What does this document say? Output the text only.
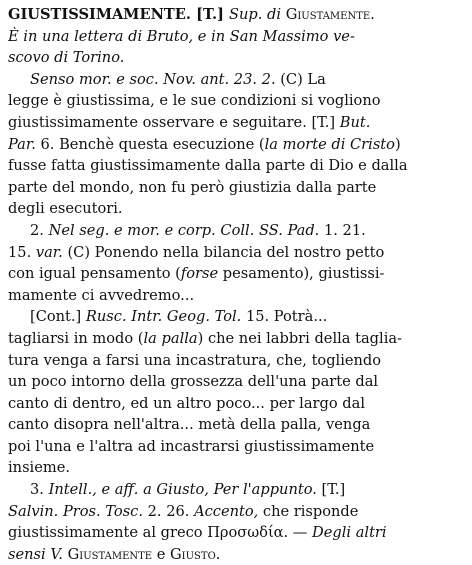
GIUSTISSIMAMENTE. [T.] Sup. di Giustamente.
È in una lettera di Bruto, e in San Massimo ve-
scovo di Torino.
Senso mor. e soc. Nov. ant. 23. 2. (C) La
legge è giustissima, e le sue condizioni si vogliono
giustissimamente osservare e seguitare. [T.] But.
Par. 6. Benchè questa esecuzione (la morte di Cristo)
fusse fatta giustissimamente dalla parte di Dio e dalla
parte del mondo, non fu però giustizia dalla parte
degli esecutori.
2. Nel seg. e mor. e corp. Coll. SS. Pad. 1. 21.
15. var. (C) Ponendo nella bilancia del nostro petto
con igual pensamento (forse pesamento), giustissi-
mamente ci avvedremo...
[Cont.] Rusc. Intr. Geog. Tol. 15. Potrà...
tagliarsi in modo (la palla) che nei labbri della taglia-
tura venga a farsi una incastratura, che, togliendo
un poco intorno della grossezza dell'una parte dal
canto di dentro, ed un altro poco... per largo dal
canto disopra nell'altra... metà della palla, venga
poi l'una e l'altra ad incastrarsi giustissimamente
insieme.
3. Intell., e aff. a Giusto, Per l'appunto. [T.]
Salvin. Pros. Tosc. 2. 26. Accento, che risponde
giustissimamente al greco Προσωδία. — Degli altri
sensi V. Giustamente e Giusto.
